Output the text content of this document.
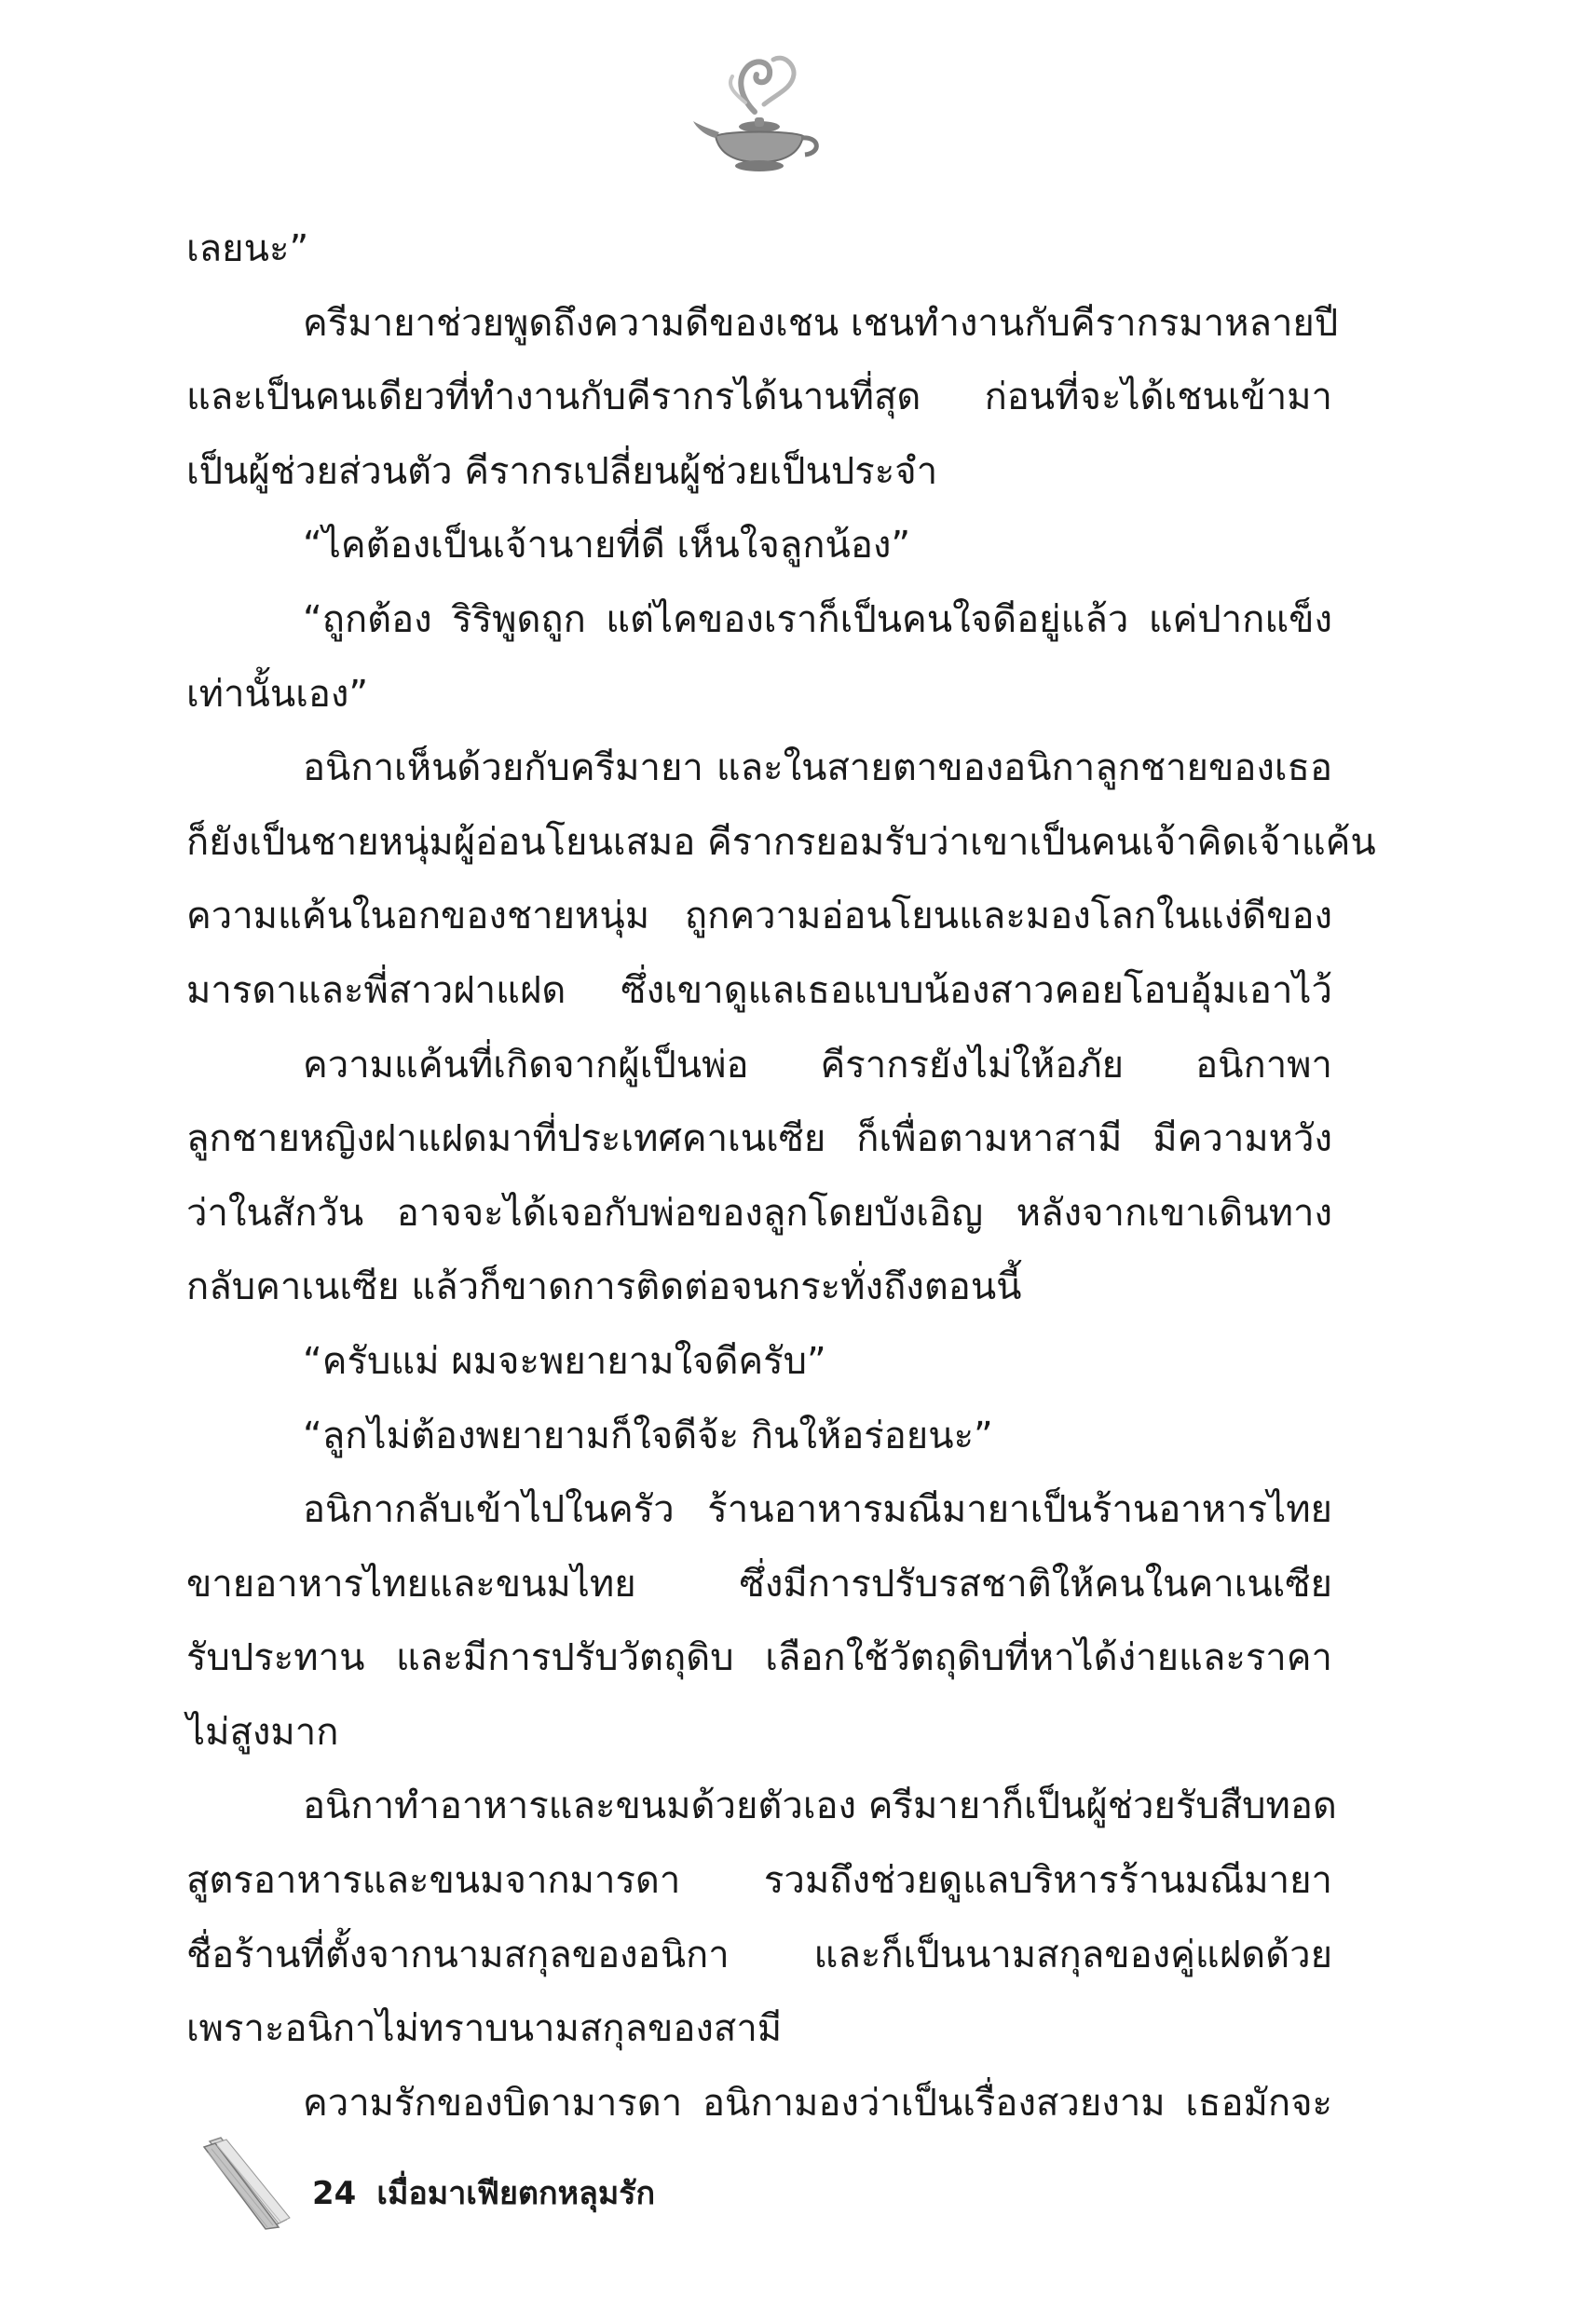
เลยนะ”
ครีมายาช่วยพูดถึงความดีของเชน เชนทำงานกับคีรากรมาหลายปี
และเป็นคนเดียวที่ทำงานกับคีรากรได้นานที่สุด ก่อนที่จะได้เชนเข้ามา
เป็นผู้ช่วยส่วนตัว คีรากรเปลี่ยนผู้ช่วยเป็นประจำ
“ไคต้องเป็นเจ้านายที่ดี เห็นใจลูกน้อง”
“ถูกต้อง ริริพูดถูก แต่ไคของเราก็เป็นคนใจดีอยู่แล้ว แค่ปากแข็ง
เท่านั้นเอง”
อนิกาเห็นด้วยกับครีมายา และในสายตาของอนิกาลูกชายของเธอ
ก็ยังเป็นชายหนุ่มผู้อ่อนโยนเสมอ คีรากรยอมรับว่าเขาเป็นคนเจ้าคิดเจ้าแค้น
ความแค้นในอกของชายหนุ่ม ถูกความอ่อนโยนและมองโลกในแง่ดีของ
มารดาและพี่สาวฝาแฝด ซึ่งเขาดูแลเธอแบบน้องสาวคอยโอบอุ้มเอาไว้
ความแค้นที่เกิดจากผู้เป็นพ่อ คีรากรยังไม่ให้อภัย อนิกาพา
ลูกชายหญิงฝาแฝดมาที่ประเทศคาเนเซีย ก็เพื่อตามหาสามี มีความหวัง
ว่าในสักวัน อาจจะได้เจอกับพ่อของลูกโดยบังเอิญ หลังจากเขาเดินทาง
กลับคาเนเซีย แล้วก็ขาดการติดต่อจนกระทั่งถึงตอนนี้
“ครับแม่ ผมจะพยายามใจดีครับ”
“ลูกไม่ต้องพยายามก็ใจดีจ้ะ กินให้อร่อยนะ”
อนิกากลับเข้าไปในครัว ร้านอาหารมณีมายาเป็นร้านอาหารไทย
ขายอาหารไทยและขนมไทย ซึ่งมีการปรับรสชาติให้คนในคาเนเซีย
รับประทาน และมีการปรับวัตถุดิบ เลือกใช้วัตถุดิบที่หาได้ง่ายและราคา
ไม่สูงมาก
อนิกาทำอาหารและขนมด้วยตัวเอง ครีมายาก็เป็นผู้ช่วยรับสืบทอด
สูตรอาหารและขนมจากมารดา รวมถึงช่วยดูแลบริหารร้านมณีมายา
ชื่อร้านที่ตั้งจากนามสกุลของอนิกา และก็เป็นนามสกุลของคู่แฝดด้วย
เพราะอนิกาไม่ทราบนามสกุลของสามี
ความรักของบิดามารดา อนิกามองว่าเป็นเรื่องสวยงาม เธอมักจะ
24 เมื่อมาเฟียตกหลุมรัก
